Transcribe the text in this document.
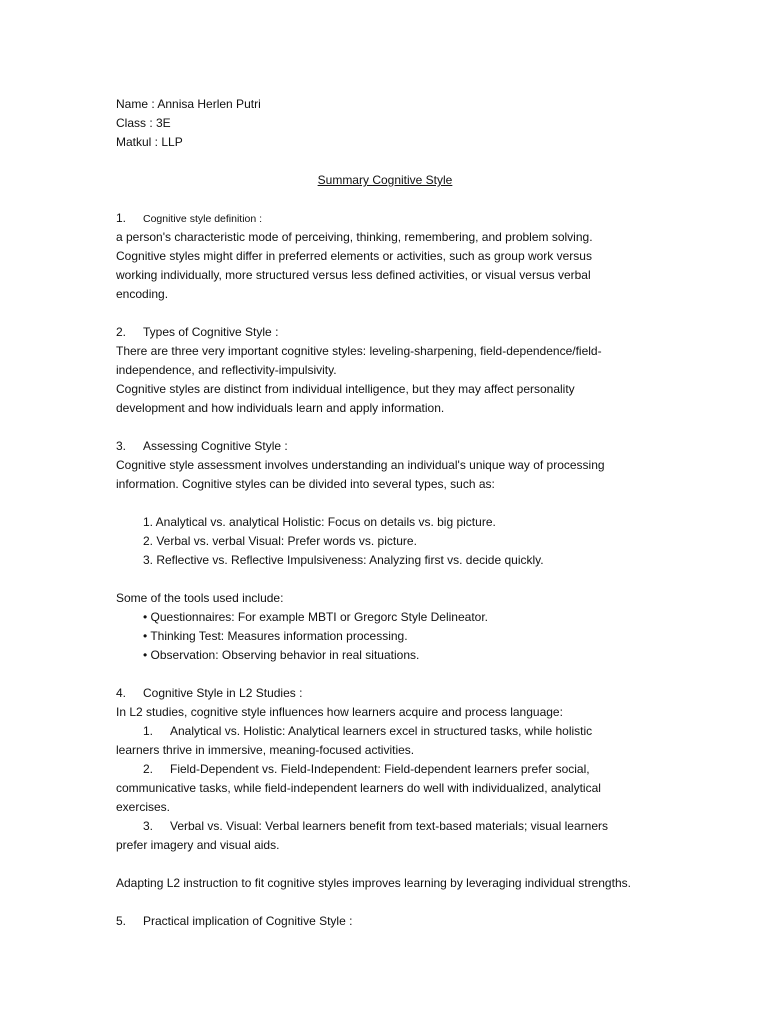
Name : Annisa Herlen Putri
Class : 3E
Matkul : LLP
Summary Cognitive Style
1. Cognitive style definition :
a person's characteristic mode of perceiving, thinking, remembering, and problem solving.
Cognitive styles might differ in preferred elements or activities, such as group work versus
working individually, more structured versus less defined activities, or visual versus verbal
encoding.
2. Types of Cognitive Style :
There are three very important cognitive styles: leveling-sharpening, field-dependence/field-
independence, and reflectivity-impulsivity.
Cognitive styles are distinct from individual intelligence, but they may affect personality
development and how individuals learn and apply information.
3. Assessing Cognitive Style :
Cognitive style assessment involves understanding an individual's unique way of processing
information. Cognitive styles can be divided into several types, such as:
1. Analytical vs. analytical Holistic: Focus on details vs. big picture.
2. Verbal vs. verbal Visual: Prefer words vs. picture.
3. Reflective vs. Reflective Impulsiveness: Analyzing first vs. decide quickly.
Some of the tools used include:
• Questionnaires: For example MBTI or Gregorc Style Delineator.
• Thinking Test: Measures information processing.
• Observation: Observing behavior in real situations.
4. Cognitive Style in L2 Studies :
In L2 studies, cognitive style influences how learners acquire and process language:
1. Analytical vs. Holistic: Analytical learners excel in structured tasks, while holistic
learners thrive in immersive, meaning-focused activities.
2. Field-Dependent vs. Field-Independent: Field-dependent learners prefer social,
communicative tasks, while field-independent learners do well with individualized, analytical
exercises.
3. Verbal vs. Visual: Verbal learners benefit from text-based materials; visual learners
prefer imagery and visual aids.
Adapting L2 instruction to fit cognitive styles improves learning by leveraging individual strengths.
5. Practical implication of Cognitive Style :
